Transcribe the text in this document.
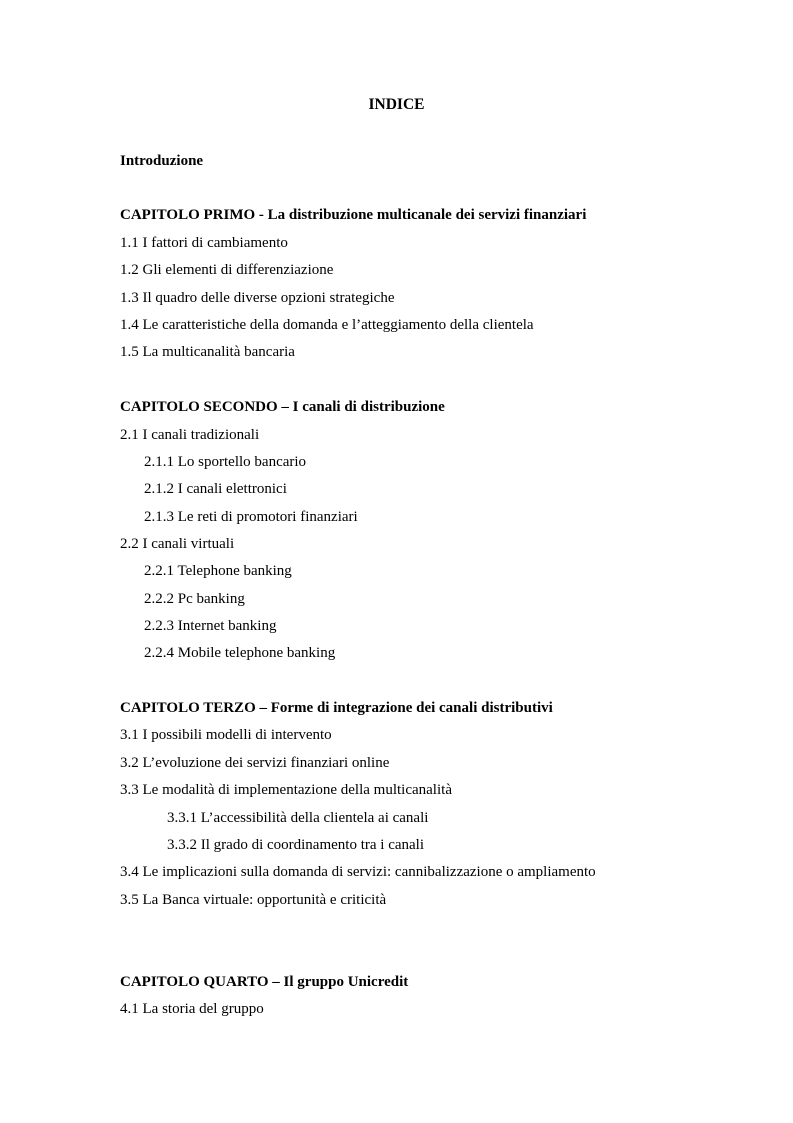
INDICE
Introduzione
CAPITOLO PRIMO - La distribuzione multicanale dei servizi finanziari
1.1 I fattori di cambiamento
1.2 Gli elementi di differenziazione
1.3 Il quadro delle diverse opzioni strategiche
1.4 Le caratteristiche della domanda e l’atteggiamento della clientela
1.5 La multicanalità bancaria
CAPITOLO SECONDO – I canali di distribuzione
2.1 I canali tradizionali
2.1.1 Lo sportello bancario
2.1.2 I canali elettronici
2.1.3 Le reti di promotori finanziari
2.2 I canali virtuali
2.2.1 Telephone banking
2.2.2 Pc banking
2.2.3 Internet banking
2.2.4 Mobile telephone banking
CAPITOLO TERZO – Forme di integrazione dei canali distributivi
3.1 I possibili modelli di intervento
3.2 L’evoluzione dei servizi finanziari online
3.3 Le modalità di implementazione della multicanalità
3.3.1 L’accessibilità della clientela ai canali
3.3.2 Il grado di coordinamento tra i canali
3.4 Le implicazioni sulla domanda di servizi: cannibalizzazione o ampliamento
3.5 La Banca virtuale: opportunità e criticità
CAPITOLO QUARTO – Il gruppo Unicredit
4.1 La storia del gruppo
